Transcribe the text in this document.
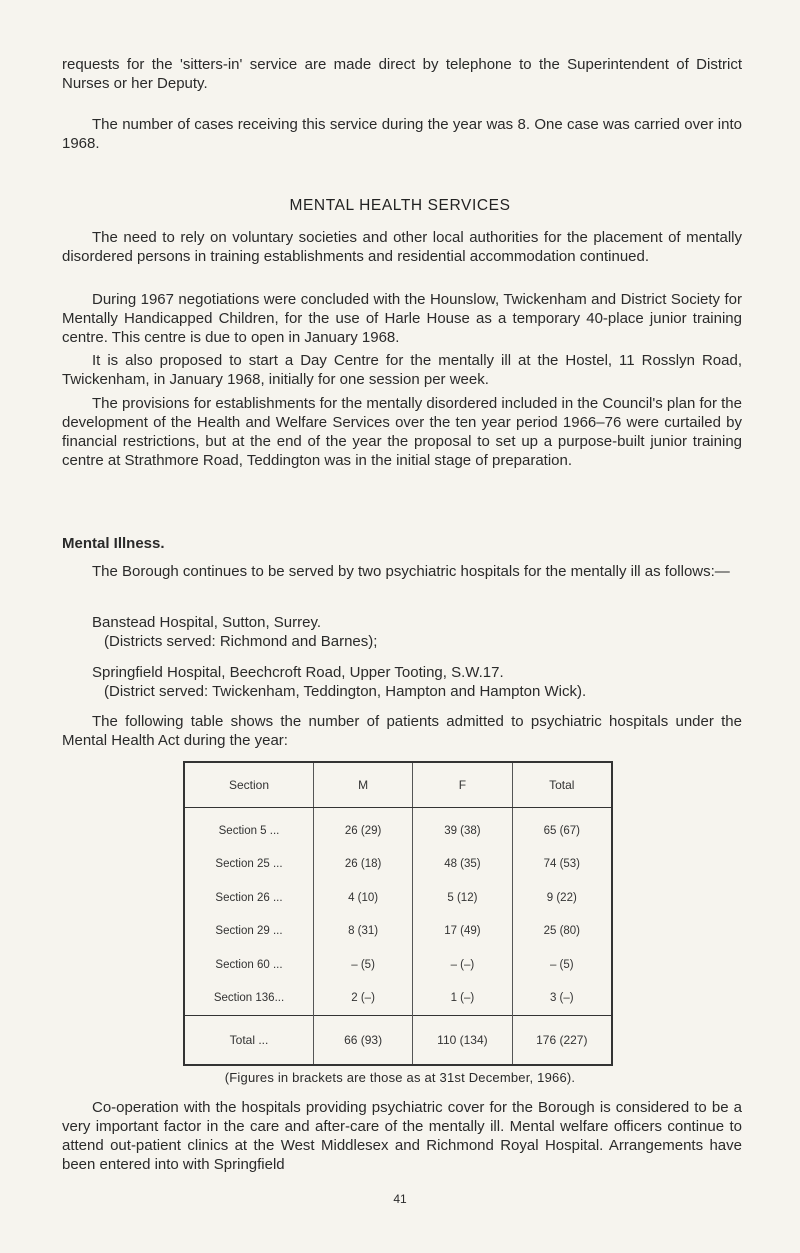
requests for the 'sitters-in' service are made direct by telephone to the Superintendent of District Nurses or her Deputy.

The number of cases receiving this service during the year was 8. One case was carried over into 1968.

MENTAL HEALTH SERVICES

The need to rely on voluntary societies and other local authorities for the placement of mentally disordered persons in training establishments and residential accommodation continued.

During 1967 negotiations were concluded with the Hounslow, Twickenham and District Society for Mentally Handicapped Children, for the use of Harle House as a temporary 40-place junior training centre. This centre is due to open in January 1968.

It is also proposed to start a Day Centre for the mentally ill at the Hostel, 11 Rosslyn Road, Twickenham, in January 1968, initially for one session per week.

The provisions for establishments for the mentally disordered included in the Council's plan for the development of the Health and Welfare Services over the ten year period 1966–76 were curtailed by financial restrictions, but at the end of the year the proposal to set up a purpose-built junior training centre at Strathmore Road, Teddington was in the initial stage of preparation.

Mental Illness.

The Borough continues to be served by two psychiatric hospitals for the mentally ill as follows:—

Banstead Hospital, Sutton, Surrey.
(Districts served: Richmond and Barnes);
Springfield Hospital, Beechcroft Road, Upper Tooting, S.W.17.
(District served: Twickenham, Teddington, Hampton and Hampton Wick).

The following table shows the number of patients admitted to psychiatric hospitals under the Mental Health Act during the year:

Section	M	F	Total
Section 5 ...	26 (29)	39 (38)	65 (67)
Section 25 ...	26 (18)	48 (35)	74 (53)
Section 26 ...	4 (10)	5 (12)	9 (22)
Section 29 ...	8 (31)	17 (49)	25 (80)
Section 60 ...	– (5)	– (–)	– (5)
Section 136...	2 (–)	1 (–)	3 (–)
Total ...	66 (93)	110 (134)	176 (227)
(Figures in brackets are those as at 31st December, 1966).

Co-operation with the hospitals providing psychiatric cover for the Borough is considered to be a very important factor in the care and after-care of the mentally ill. Mental welfare officers continue to attend out-patient clinics at the West Middlesex and Richmond Royal Hospital. Arrangements have been entered into with Springfield

41
